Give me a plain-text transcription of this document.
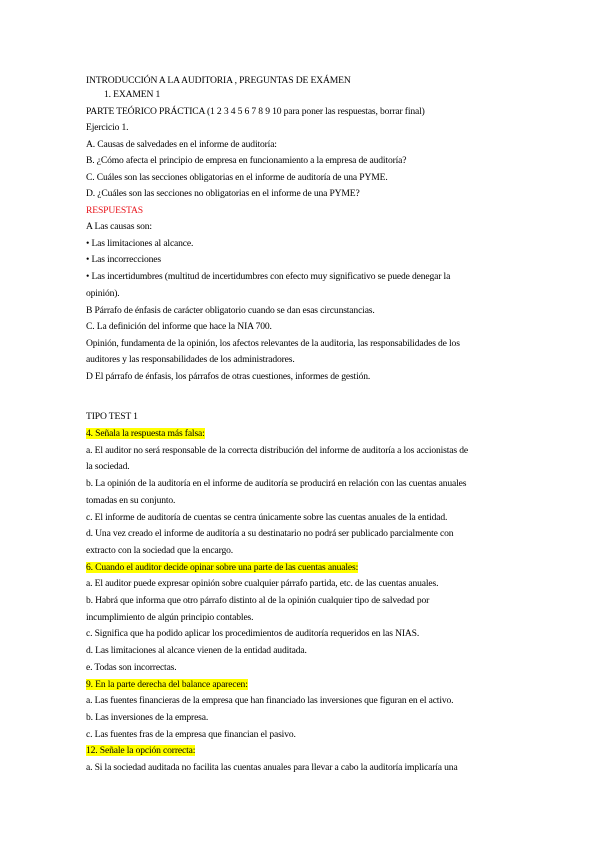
INTRODUCCIÓN A LA AUDITORIA , PREGUNTAS DE EXÁMEN
1. EXAMEN 1
PARTE TEÓRICO PRÁCTICA (1 2 3 4 5 6 7 8 9 10 para poner las respuestas, borrar final)
Ejercicio 1.
A. Causas de salvedades en el informe de auditoría:
B. ¿Cómo afecta el principio de empresa en funcionamiento a la empresa de auditoría?
C. Cuáles son las secciones obligatorias en el informe de auditoría de una PYME.
D. ¿Cuáles son las secciones no obligatorias en el informe de una PYME?
RESPUESTAS
A Las causas son:
• Las limitaciones al alcance.
• Las incorrecciones
• Las incertidumbres (multitud de incertidumbres con efecto muy significativo se puede denegar la
opinión).
B Párrafo de énfasis de carácter obligatorio cuando se dan esas circunstancias.
C. La definición del informe que hace la NIA 700.
Opinión, fundamenta de la opinión, los afectos relevantes de la auditoria, las responsabilidades de los
auditores y las responsabilidades de los administradores.
D El párrafo de énfasis, los párrafos de otras cuestiones, informes de gestión.
TIPO TEST 1
4. Señala la respuesta más falsa:
a. El auditor no será responsable de la correcta distribución del informe de auditoría a los accionistas de
la sociedad.
b. La opinión de la auditoría en el informe de auditoría se producirá en relación con las cuentas anuales
tomadas en su conjunto.
c. El informe de auditoría de cuentas se centra únicamente sobre las cuentas anuales de la entidad.
d. Una vez creado el informe de auditoría a su destinatario no podrá ser publicado parcialmente con
extracto con la sociedad que la encargo.
6. Cuando el auditor decide opinar sobre una parte de las cuentas anuales:
a. El auditor puede expresar opinión sobre cualquier párrafo partida, etc. de las cuentas anuales.
b. Habrá que informa que otro párrafo distinto al de la opinión cualquier tipo de salvedad por
incumplimiento de algún principio contables.
c. Significa que ha podido aplicar los procedimientos de auditoría requeridos en las NIAS.
d. Las limitaciones al alcance vienen de la entidad auditada.
e. Todas son incorrectas.
9. En la parte derecha del balance aparecen:
a. Las fuentes financieras de la empresa que han financiado las inversiones que figuran en el activo.
b. Las inversiones de la empresa.
c. Las fuentes fras de la empresa que financian el pasivo.
12. Señale la opción correcta:
a. Si la sociedad auditada no facilita las cuentas anuales para llevar a cabo la auditoría implicaría una
